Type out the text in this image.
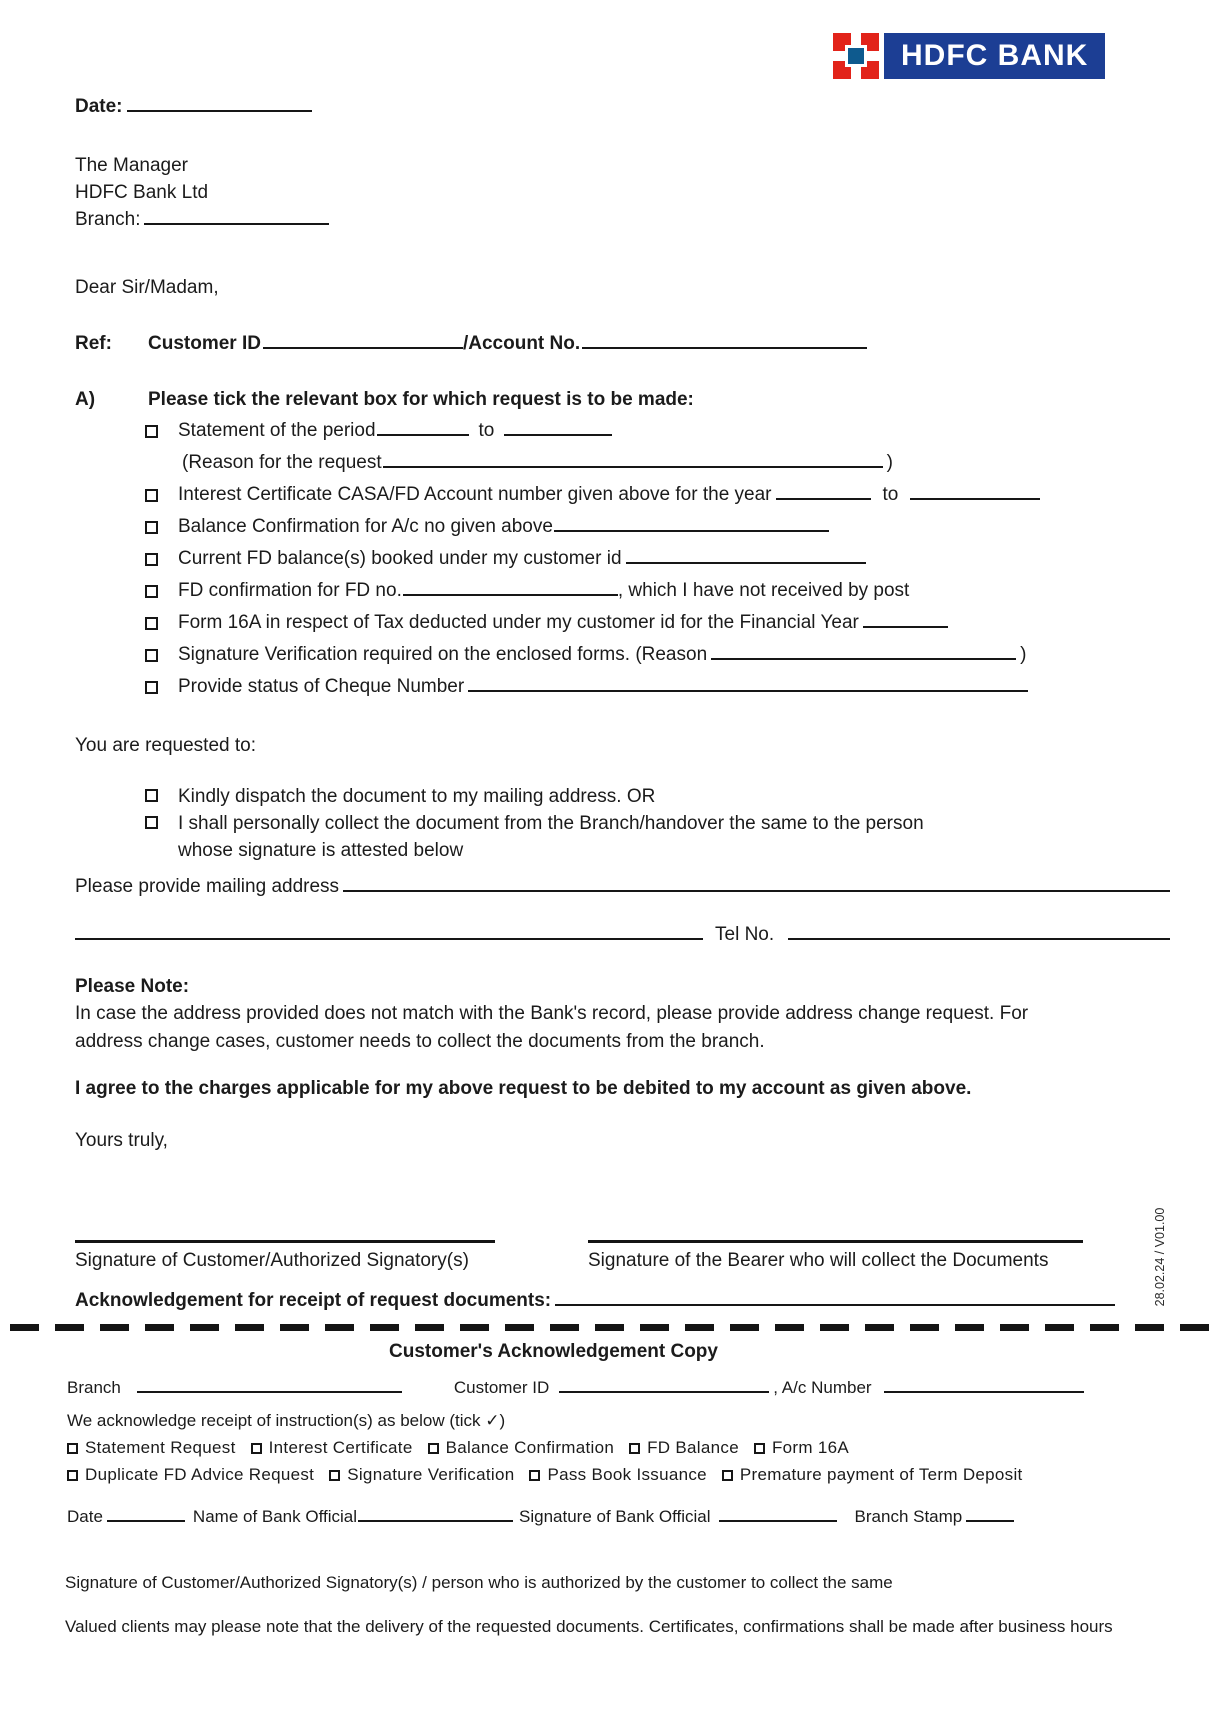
HDFC BANK
Date:
The Manager
HDFC Bank Ltd
Branch:
Dear Sir/Madam,
Ref:	Customer ID	/Account No.
A)	Please tick the relevant box for which request is to be made:
Statement of the period	to
(Reason for the request	)
Interest Certificate CASA/FD Account number given above for the year	to
Balance Confirmation for A/c no given above
Current FD balance(s) booked under my customer id
FD confirmation for FD no.	, which I have not received by post
Form 16A in respect of Tax deducted under my customer id for the Financial Year
Signature Verification required on the enclosed forms. (Reason	)
Provide status of Cheque Number
You are requested to:
Kindly dispatch the document to my mailing address. OR
I shall personally collect the document from the Branch/handover the same to the person whose signature is attested below
Please provide mailing address
Tel No.
Please Note:
In case the address provided does not match with the Bank's record, please provide address change request. For address change cases, customer needs to collect the documents from the branch.
I agree to the charges applicable for my above request to be debited to my account as given above.
Yours truly,
Signature of Customer/Authorized Signatory(s)	Signature of the Bearer who will collect the Documents
Acknowledgement for receipt of request documents:
Customer's Acknowledgement Copy
Branch	Customer ID	, A/c Number
We acknowledge receipt of instruction(s) as below (tick ✓)
Statement Request Interest Certificate Balance Confirmation FD Balance Form 16A
Duplicate FD Advice Request Signature Verification Pass Book Issuance Premature payment of Term Deposit
Date	Name of Bank Official	Signature of Bank Official	Branch Stamp
Signature of Customer/Authorized Signatory(s) / person who is authorized by the customer to collect the same
Valued clients may please note that the delivery of the requested documents. Certificates, confirmations shall be made after business hours
28.02.24 / V01.00
